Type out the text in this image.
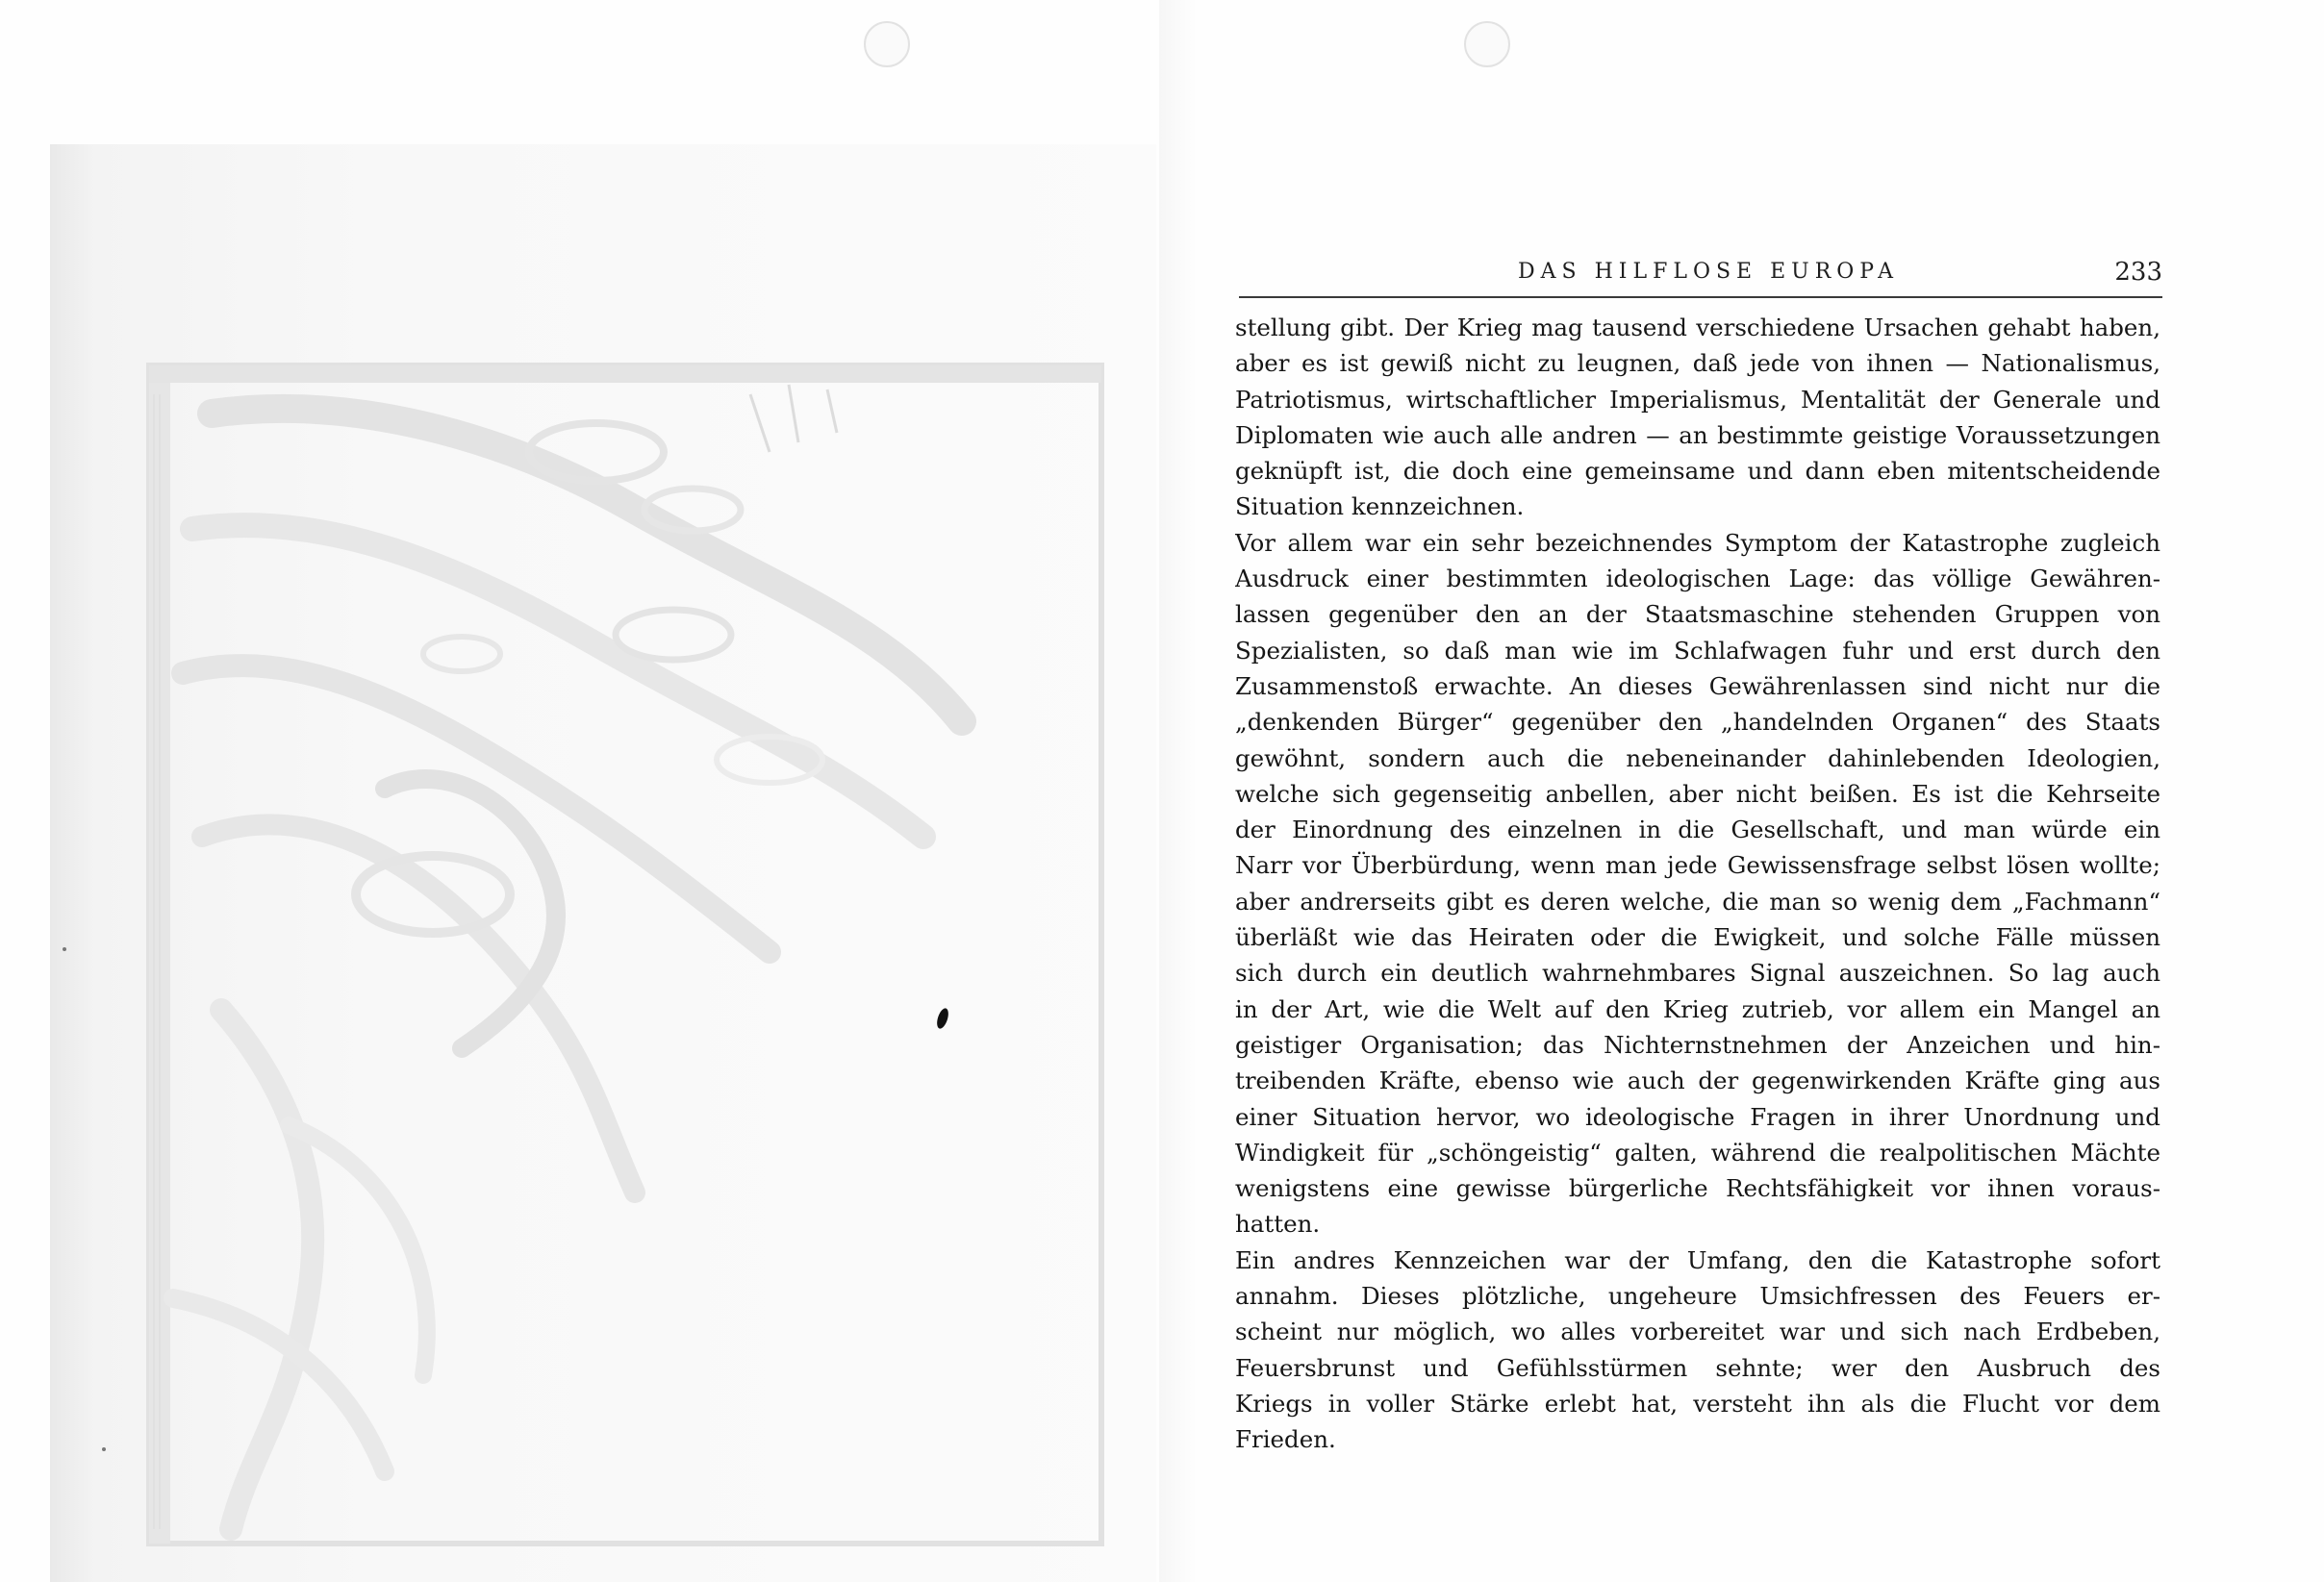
DAS HILFLOSE EUROPA	233
stellung gibt. Der Krieg mag tausend verschiedene Ursachen gehabt haben,
aber es ist gewiß nicht zu leugnen, daß jede von ihnen — Nationalismus,
Patriotismus, wirtschaftlicher Imperialismus, Mentalität der Generale und
Diplomaten wie auch alle andren — an bestimmte geistige Voraussetzungen
geknüpft ist, die doch eine gemeinsame und dann eben mitentscheidende
Situation kennzeichnen.
Vor allem war ein sehr bezeichnendes Symptom der Katastrophe zugleich
Ausdruck einer bestimmten ideologischen Lage: das völlige Gewähren-
lassen gegenüber den an der Staatsmaschine stehenden Gruppen von
Spezialisten, so daß man wie im Schlafwagen fuhr und erst durch den
Zusammenstoß erwachte. An dieses Gewährenlassen sind nicht nur die
„denkenden Bürger“ gegenüber den „handelnden Organen“ des Staats
gewöhnt, sondern auch die nebeneinander dahinlebenden Ideologien,
welche sich gegenseitig anbellen, aber nicht beißen. Es ist die Kehrseite
der Einordnung des einzelnen in die Gesellschaft, und man würde ein
Narr vor Überbürdung, wenn man jede Gewissensfrage selbst lösen wollte;
aber andrerseits gibt es deren welche, die man so wenig dem „Fachmann“
überläßt wie das Heiraten oder die Ewigkeit, und solche Fälle müssen
sich durch ein deutlich wahrnehmbares Signal auszeichnen. So lag auch
in der Art, wie die Welt auf den Krieg zutrieb, vor allem ein Mangel an
geistiger Organisation; das Nichternstnehmen der Anzeichen und hin-
treibenden Kräfte, ebenso wie auch der gegenwirkenden Kräfte ging aus
einer Situation hervor, wo ideologische Fragen in ihrer Unordnung und
Windigkeit für „schöngeistig“ galten, während die realpolitischen Mächte
wenigstens eine gewisse bürgerliche Rechtsfähigkeit vor ihnen voraus-
hatten.
Ein andres Kennzeichen war der Umfang, den die Katastrophe sofort
annahm. Dieses plötzliche, ungeheure Umsichfressen des Feuers er-
scheint nur möglich, wo alles vorbereitet war und sich nach Erdbeben,
Feuersbrunst und Gefühlsstürmen sehnte; wer den Ausbruch des
Kriegs in voller Stärke erlebt hat, versteht ihn als die Flucht vor dem
Frieden.
